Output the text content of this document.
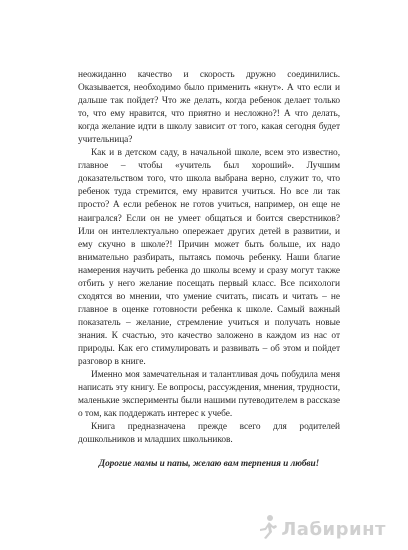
неожиданно качество и скорость дружно соединились. Оказывается, необходимо было применить «кнут». А что если и дальше так пойдет? Что же делать, когда ребенок делает только то, что ему нравится, что приятно и несложно?! А что делать, когда желание идти в школу зависит от того, какая сегодня будет учительница?

Как и в детском саду, в начальной школе, всем это известно, главное – чтобы «учитель был хороший». Лучшим доказательством того, что школа выбрана верно, служит то, что ребенок туда стремится, ему нравится учиться. Но все ли так просто? А если ребенок не готов учиться, например, он еще не наигрался? Если он не умеет общаться и боится сверстников? Или он интеллектуально опережает других детей в развитии, и ему скучно в школе?! Причин может быть больше, их надо внимательно разбирать, пытаясь помочь ребенку. Наши благие намерения научить ребенка до школы всему и сразу могут также отбить у него желание посещать первый класс. Все психологи сходятся во мнении, что умение считать, писать и читать – не главное в оценке готовности ребенка к школе. Самый важный показатель – желание, стремление учиться и получать новые знания. К счастью, это качество заложено в каждом из нас от природы. Как его стимулировать и развивать – об этом и пойдет разговор в книге.

Именно моя замечательная и талантливая дочь побудила меня написать эту книгу. Ее вопросы, рассуждения, мнения, трудности, маленькие эксперименты были нашими путеводителем в рассказе о том, как поддержать интерес к учебе.

Книга предназначена прежде всего для родителей дошкольников и младших школьников.

Дорогие мамы и папы, желаю вам терпения и любви!

Лабиринт
